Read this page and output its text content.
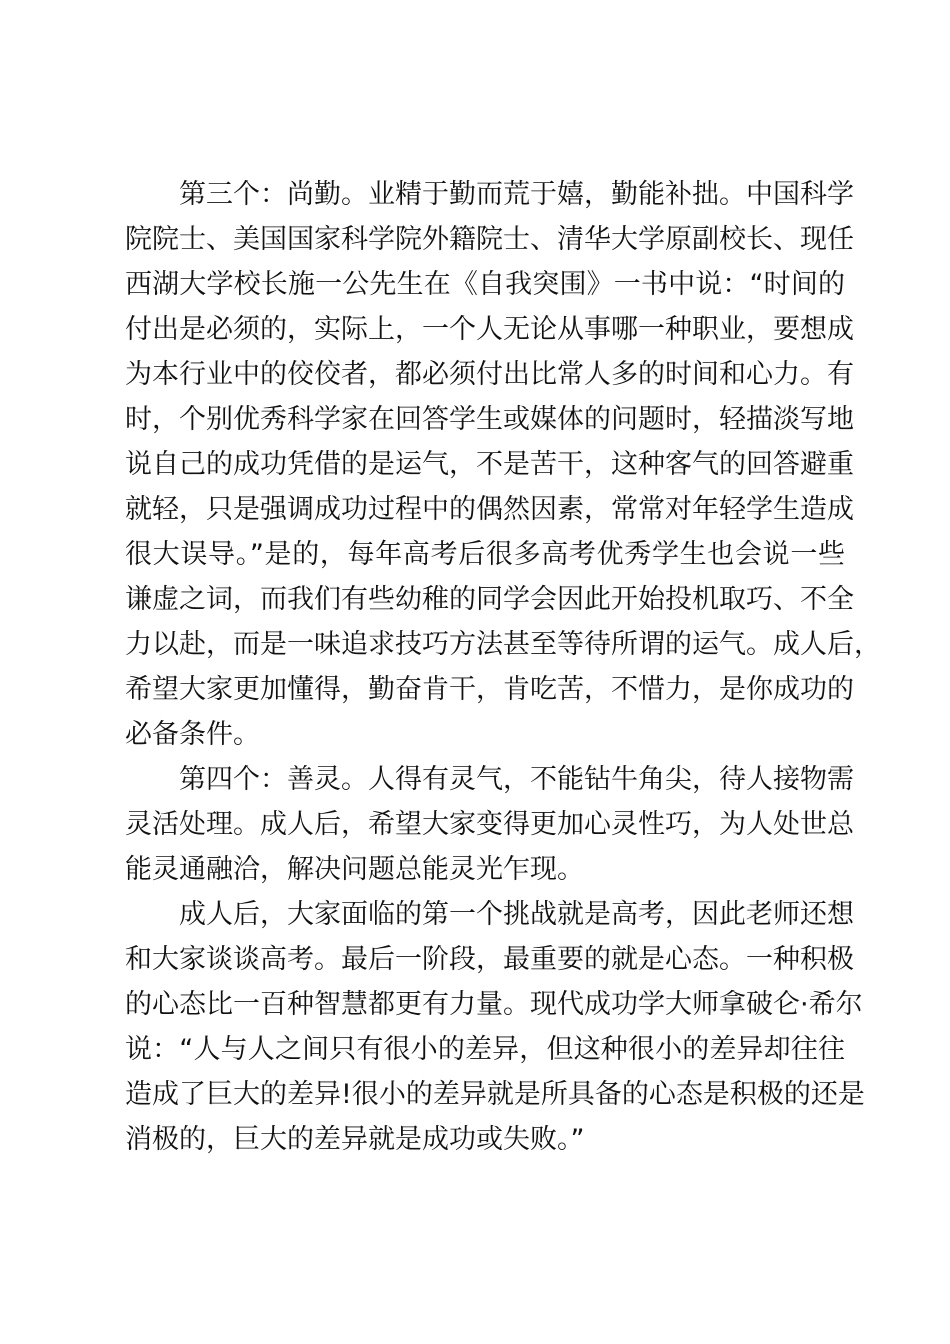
第三个：尚勤。业精于勤而荒于嬉，勤能补拙。中国科学
院院士、美国国家科学院外籍院士、清华大学原副校长、现任
西湖大学校长施一公先生在《自我突围》一书中说：“时间的
付出是必须的，实际上，一个人无论从事哪一种职业，要想成
为本行业中的佼佼者，都必须付出比常人多的时间和心力。有
时，个别优秀科学家在回答学生或媒体的问题时，轻描淡写地
说自己的成功凭借的是运气，不是苦干，这种客气的回答避重
就轻，只是强调成功过程中的偶然因素，常常对年轻学生造成
很大误导。”是的，每年高考后很多高考优秀学生也会说一些
谦虚之词，而我们有些幼稚的同学会因此开始投机取巧、不全
力以赴，而是一味追求技巧方法甚至等待所谓的运气。成人后，
希望大家更加懂得，勤奋肯干，肯吃苦，不惜力，是你成功的
必备条件。
第四个：善灵。人得有灵气，不能钻牛角尖，待人接物需
灵活处理。成人后，希望大家变得更加心灵性巧，为人处世总
能灵通融洽，解决问题总能灵光乍现。
成人后，大家面临的第一个挑战就是高考，因此老师还想
和大家谈谈高考。最后一阶段，最重要的就是心态。一种积极
的心态比一百种智慧都更有力量。现代成功学大师拿破仑·希尔
说：“人与人之间只有很小的差异，但这种很小的差异却往往
造成了巨大的差异!很小的差异就是所具备的心态是积极的还是
消极的，巨大的差异就是成功或失败。”
